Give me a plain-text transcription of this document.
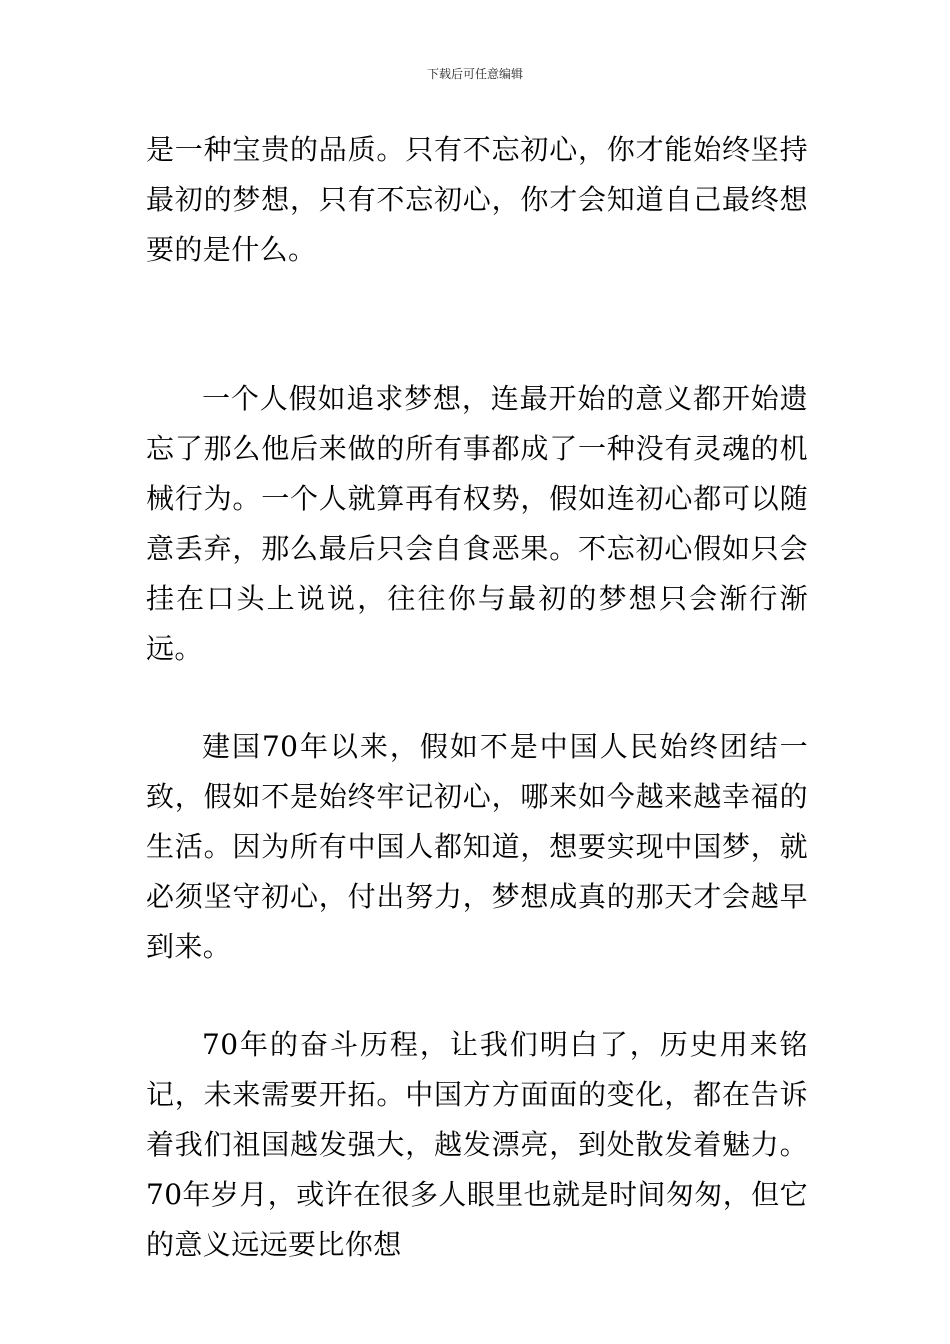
下载后可任意编辑

是一种宝贵的品质。只有不忘初心，你才能始终坚持最初的梦想，只有不忘初心，你才会知道自己最终想要的是什么。

一个人假如追求梦想，连最开始的意义都开始遗忘了那么他后来做的所有事都成了一种没有灵魂的机械行为。一个人就算再有权势，假如连初心都可以随意丢弃，那么最后只会自食恶果。不忘初心假如只会挂在口头上说说，往往你与最初的梦想只会渐行渐远。

建国70年以来，假如不是中国人民始终团结一致，假如不是始终牢记初心，哪来如今越来越幸福的生活。因为所有中国人都知道，想要实现中国梦，就必须坚守初心，付出努力，梦想成真的那天才会越早到来。

70年的奋斗历程，让我们明白了，历史用来铭记，未来需要开拓。中国方方面面的变化，都在告诉着我们祖国越发强大，越发漂亮，到处散发着魅力。70年岁月，或许在很多人眼里也就是时间匆匆，但它的意义远远要比你想
